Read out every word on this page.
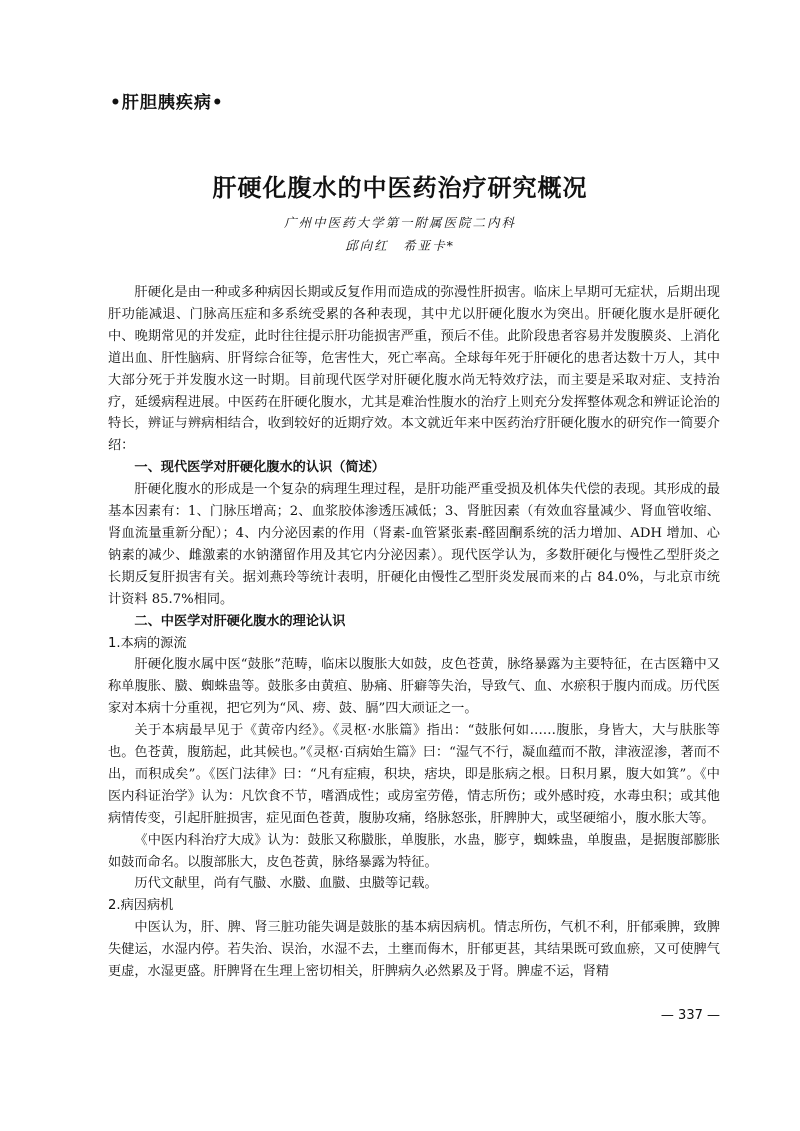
•肝胆胰疾病•
肝硬化腹水的中医药治疗研究概况
广州中医药大学第一附属医院二内科
邱向红　希亚卡*

肝硬化是由一种或多种病因长期或反复作用而造成的弥漫性肝损害。临床上早期可无症状，后期出现肝功能减退、门脉高压症和多系统受累的各种表现，其中尤以肝硬化腹水为突出。肝硬化腹水是肝硬化中、晚期常见的并发症，此时往往提示肝功能损害严重，预后不佳。此阶段患者容易并发腹膜炎、上消化道出血、肝性脑病、肝肾综合征等，危害性大，死亡率高。全球每年死于肝硬化的患者达数十万人，其中大部分死于并发腹水这一时期。目前现代医学对肝硬化腹水尚无特效疗法，而主要是采取对症、支持治疗，延缓病程进展。中医药在肝硬化腹水，尤其是难治性腹水的治疗上则充分发挥整体观念和辨证论治的特长，辨证与辨病相结合，收到较好的近期疗效。本文就近年来中医药治疗肝硬化腹水的研究作一简要介绍：

一、现代医学对肝硬化腹水的认识（简述）

肝硬化腹水的形成是一个复杂的病理生理过程，是肝功能严重受损及机体失代偿的表现。其形成的最基本因素有：1、门脉压增高；2、血浆胶体渗透压减低；3、肾脏因素（有效血容量减少、肾血管收缩、肾血流量重新分配）；4、内分泌因素的作用（肾素-血管紧张素-醛固酮系统的活力增加、ADH 增加、心钠素的减少、雌激素的水钠潴留作用及其它内分泌因素）。现代医学认为，多数肝硬化与慢性乙型肝炎之长期反复肝损害有关。据刘燕玲等统计表明，肝硬化由慢性乙型肝炎发展而来的占 84.0%，与北京市统计资料 85.7%相同。

二、中医学对肝硬化腹水的理论认识
1.本病的源流

肝硬化腹水属中医“鼓胀”范畴，临床以腹胀大如鼓，皮色苍黄，脉络暴露为主要特征，在古医籍中又称单腹胀、臌、蜘蛛蛊等。鼓胀多由黄疸、胁痛、肝癖等失治，导致气、血、水瘀积于腹内而成。历代医家对本病十分重视，把它列为“风、痨、鼓、膈”四大顽证之一。

关于本病最早见于《黄帝内经》。《灵枢·水胀篇》指出：“鼓胀何如……腹胀，身皆大，大与肤胀等也。色苍黄，腹筋起，此其候也。”《灵枢·百病始生篇》曰：“湿气不行，凝血蕴而不散，津液涩渗，著而不出，而积成矣”。《医门法律》曰：“凡有症瘕，积块，痞块，即是胀病之根。日积月累，腹大如箕”。《中医内科证治学》认为：凡饮食不节，嗜酒成性；或房室劳倦，情志所伤；或外感时疫，水毒虫积；或其他病情传变，引起肝脏损害，症见面色苍黄，腹胁攻痛，络脉怒张，肝脾肿大，或坚硬缩小，腹水胀大等。

《中医内科治疗大成》认为：鼓胀又称臌胀，单腹胀，水蛊，膨亨，蜘蛛蛊，单腹蛊，是据腹部膨胀如鼓而命名。以腹部胀大，皮色苍黄，脉络暴露为特征。

历代文献里，尚有气臌、水臌、血臌、虫臌等记载。

2.病因病机

中医认为，肝、脾、肾三脏功能失调是鼓胀的基本病因病机。情志所伤，气机不利，肝郁乘脾，致脾失健运，水湿内停。若失治、误治，水湿不去，土壅而侮木，肝郁更甚，其结果既可致血瘀，又可使脾气更虚，水湿更盛。肝脾肾在生理上密切相关，肝脾病久必然累及于肾。脾虚不运，肾精

— 337 —
